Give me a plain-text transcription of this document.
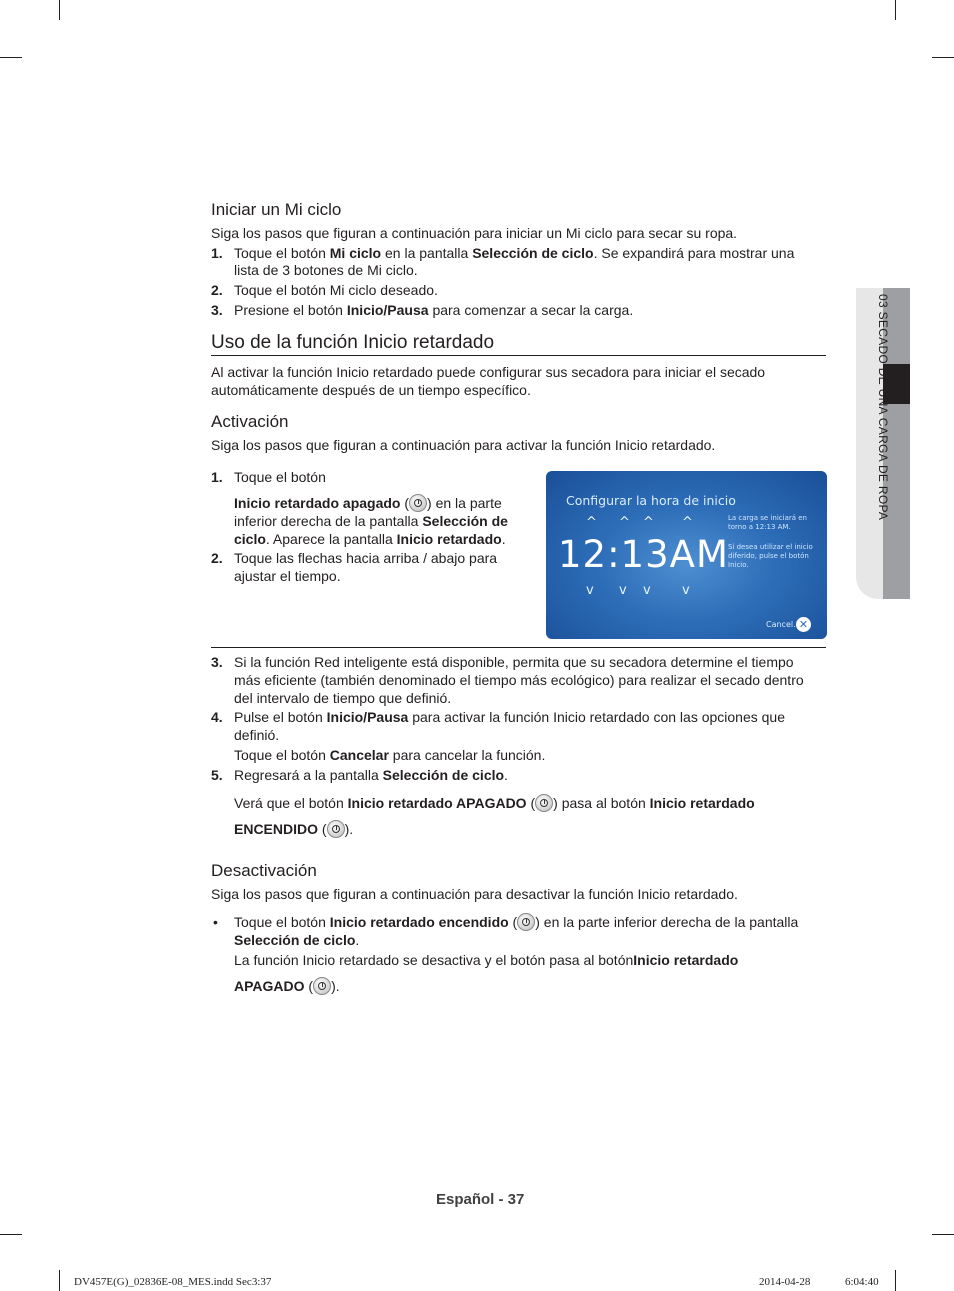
03 SECADO DE UNA CARGA DE ROPA

Iniciar un Mi ciclo

Siga los pasos que figuran a continuación para iniciar un Mi ciclo para secar su ropa.

1. Toque el botón Mi ciclo en la pantalla Selección de ciclo. Se expandirá para mostrar una
lista de 3 botones de Mi ciclo.
2. Toque el botón Mi ciclo deseado.
3. Presione el botón Inicio/Pausa para comenzar a secar la carga.

Uso de la función Inicio retardado

Al activar la función Inicio retardado puede configurar sus secadora para iniciar el secado

automáticamente después de un tiempo específico.

Activación

Siga los pasos que figuran a continuación para activar la función Inicio retardado.

1. Toque el botón
Inicio retardado apagado ( ) en la parte
inferior derecha de la pantalla Selección de
ciclo. Aparece la pantalla Inicio retardado.
2. Toque las flechas hacia arriba / abajo para
ajustar el tiempo.
Configurar la hora de inicio
^ ^ ^ ^
12:13AM
v v v v
La carga se iniciará en
torno a 12:13 AM.
Si desea utilizar el inicio
diferido, pulse el botón
Inicio.
Cancel. ✕
3. Si la función Red inteligente está disponible, permita que su secadora determine el tiempo
más eficiente (también denominado el tiempo más ecológico) para realizar el secado dentro
del intervalo de tiempo que definió.
4. Pulse el botón Inicio/Pausa para activar la función Inicio retardado con las opciones que
definió.
Toque el botón Cancelar para cancelar la función.
5. Regresará a la pantalla Selección de ciclo.
Verá que el botón Inicio retardado APAGADO ( ) pasa al botón Inicio retardado
ENCENDIDO ( ).

Desactivación

Siga los pasos que figuran a continuación para desactivar la función Inicio retardado.

• Toque el botón Inicio retardado encendido ( ) en la parte inferior derecha de la pantalla
Selección de ciclo.
La función Inicio retardado se desactiva y el botón pasa al botónInicio retardado
APAGADO ( ).

Español - 37

DV457E(G)_02836E-08_MES.indd Sec3:37	2014-04-28	6:04:40
